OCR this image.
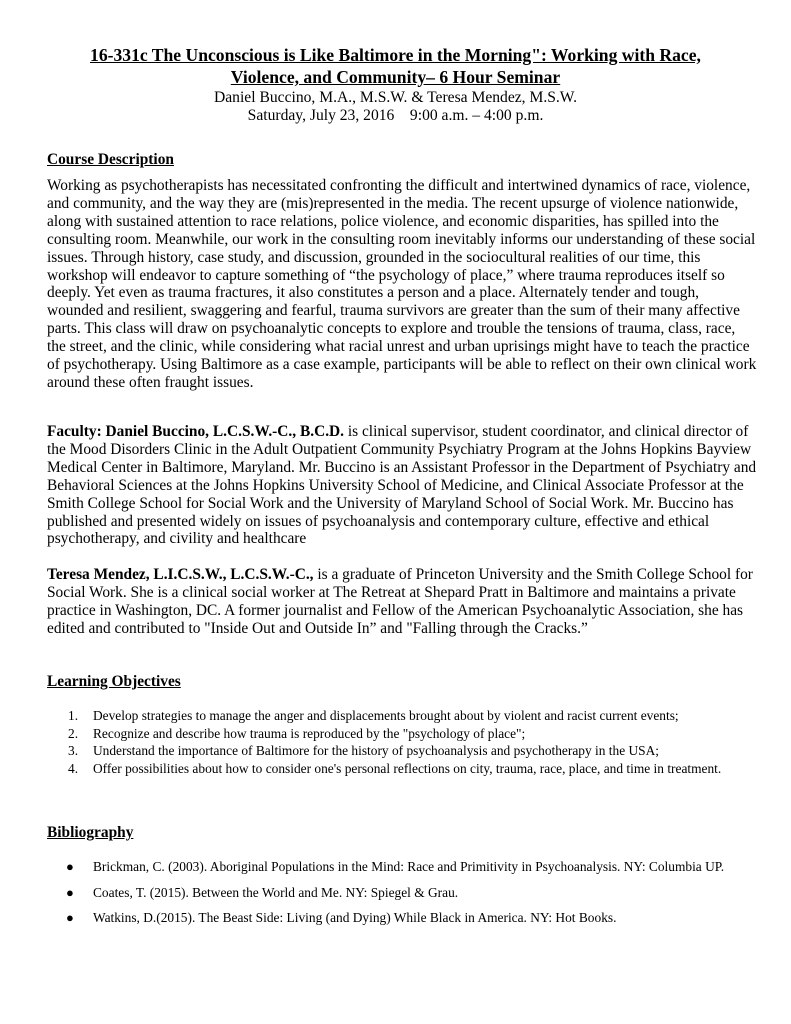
16-331c The Unconscious is Like Baltimore in the Morning": Working with Race,
Violence, and Community– 6 Hour Seminar
Daniel Buccino, M.A., M.S.W. & Teresa Mendez, M.S.W.
Saturday, July 23, 2016    9:00 a.m. – 4:00 p.m.
Course Description

Working as psychotherapists has necessitated confronting the difficult and intertwined dynamics of race, violence, and community, and the way they are (mis)represented in the media. The recent upsurge of violence nationwide, along with sustained attention to race relations, police violence, and economic disparities, has spilled into the consulting room. Meanwhile, our work in the consulting room inevitably informs our understanding of these social issues. Through history, case study, and discussion, grounded in the sociocultural realities of our time, this workshop will endeavor to capture something of “the psychology of place,” where trauma reproduces itself so deeply. Yet even as trauma fractures, it also constitutes a person and a place. Alternately tender and tough, wounded and resilient, swaggering and fearful, trauma survivors are greater than the sum of their many affective parts. This class will draw on psychoanalytic concepts to explore and trouble the tensions of trauma, class, race, the street, and the clinic, while considering what racial unrest and urban uprisings might have to teach the practice of psychotherapy. Using Baltimore as a case example, participants will be able to reflect on their own clinical work around these often fraught issues.

Faculty: Daniel Buccino, L.C.S.W.-C., B.C.D. is clinical supervisor, student coordinator, and clinical director of the Mood Disorders Clinic in the Adult Outpatient Community Psychiatry Program at the Johns Hopkins Bayview Medical Center in Baltimore, Maryland. Mr. Buccino is an Assistant Professor in the Department of Psychiatry and Behavioral Sciences at the Johns Hopkins University School of Medicine, and Clinical Associate Professor at the Smith College School for Social Work and the University of Maryland School of Social Work. Mr. Buccino has published and presented widely on issues of psychoanalysis and contemporary culture, effective and ethical psychotherapy, and civility and healthcare

Teresa Mendez, L.I.C.S.W., L.C.S.W.-C., is a graduate of Princeton University and the Smith College School for Social Work. She is a clinical social worker at The Retreat at Shepard Pratt in Baltimore and maintains a private practice in Washington, DC. A former journalist and Fellow of the American Psychoanalytic Association, she has edited and contributed to "Inside Out and Outside In” and "Falling through the Cracks.”

Learning Objectives
1. Develop strategies to manage the anger and displacements brought about by violent and racist current events;
2. Recognize and describe how trauma is reproduced by the "psychology of place";
3. Understand the importance of Baltimore for the history of psychoanalysis and psychotherapy in the USA;
4. Offer possibilities about how to consider one's personal reflections on city, trauma, race, place, and time in treatment.
Bibliography
● Brickman, C. (2003). Aboriginal Populations in the Mind: Race and Primitivity in Psychoanalysis. NY: Columbia UP.
● Coates, T. (2015). Between the World and Me. NY: Spiegel & Grau.
● Watkins, D.(2015). The Beast Side: Living (and Dying) While Black in America. NY: Hot Books.
